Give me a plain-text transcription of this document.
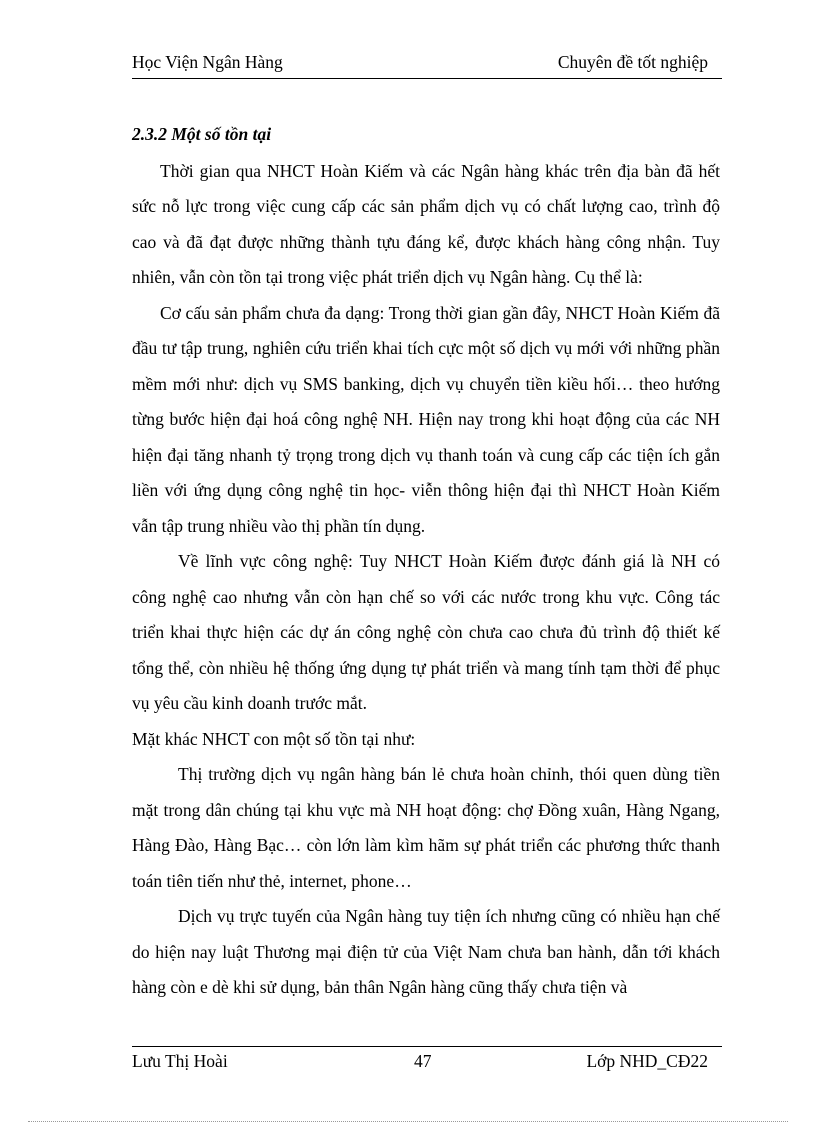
Học Viện Ngân Hàng	Chuyên đề tốt nghiệp

2.3.2 Một số tồn tại

Thời gian qua NHCT Hoàn Kiếm và các Ngân hàng khác trên địa bàn đã hết sức nỗ lực trong việc cung cấp các sản phẩm dịch vụ có chất lượng cao, trình độ cao và đã đạt được những thành tựu đáng kể, được khách hàng công nhận. Tuy nhiên, vẫn còn tồn tại trong việc phát triển dịch vụ Ngân hàng. Cụ thể là:

Cơ cấu sản phẩm chưa đa dạng: Trong thời gian gần đây, NHCT Hoàn Kiếm đã đầu tư tập trung, nghiên cứu triển khai tích cực một số dịch vụ mới với những phần mềm mới như: dịch vụ SMS banking, dịch vụ chuyển tiền kiều hối… theo hướng từng bước hiện đại hoá công nghệ NH. Hiện nay trong khi hoạt động của các NH hiện đại tăng nhanh tỷ trọng trong dịch vụ thanh toán và cung cấp các tiện ích gắn liền với ứng dụng công nghệ tin học- viễn thông hiện đại thì NHCT Hoàn Kiếm vẫn tập trung nhiều vào thị phần tín dụng.

Về lĩnh vực công nghệ: Tuy NHCT Hoàn Kiếm được đánh giá là NH có công nghệ cao nhưng vẫn còn hạn chế so với các nước trong khu vực. Công tác triển khai thực hiện các dự án công nghệ còn chưa cao chưa đủ trình độ thiết kế tổng thể, còn nhiều hệ thống ứng dụng tự phát triển và mang tính tạm thời để phục vụ yêu cầu kinh doanh trước mắt.

Mặt khác NHCT con một số tồn tại như:

Thị trường dịch vụ ngân hàng bán lẻ chưa hoàn chỉnh, thói quen dùng tiền mặt trong dân chúng tại khu vực mà NH hoạt động: chợ Đồng xuân, Hàng Ngang, Hàng Đào, Hàng Bạc… còn lớn làm kìm hãm sự phát triển các phương thức thanh toán tiên tiến như thẻ, internet, phone…

Dịch vụ trực tuyến của Ngân hàng tuy tiện ích nhưng cũng có nhiều hạn chế do hiện nay luật Thương mại điện tử của Việt Nam chưa ban hành, dẫn tới khách hàng còn e dè khi sử dụng, bản thân Ngân hàng cũng thấy chưa tiện và

Lưu Thị Hoài	47	Lớp NHD_CĐ22
